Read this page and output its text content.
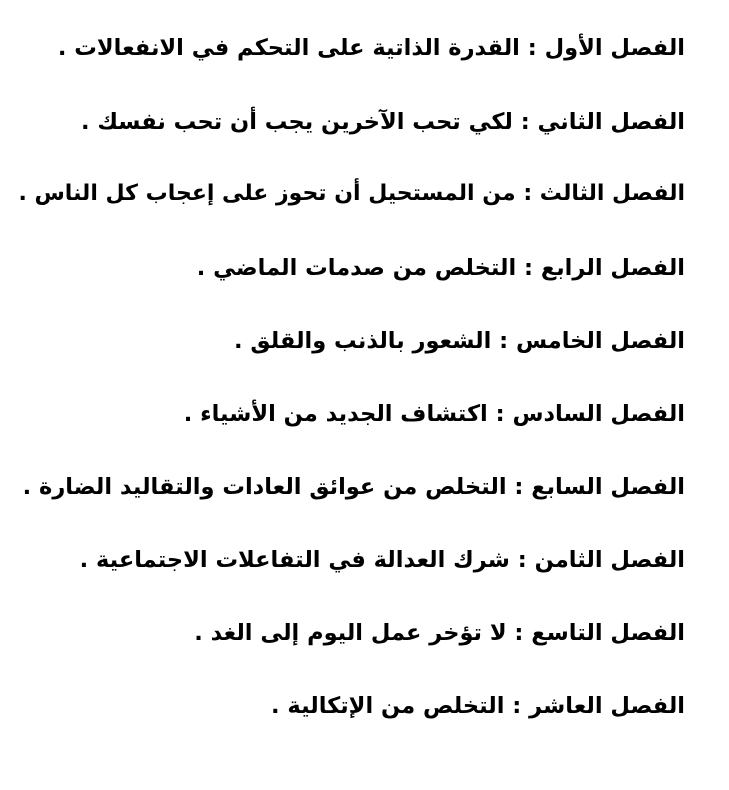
الفصل الأول : القدرة الذاتية على التحكم في الانفعالات .
الفصل الثاني : لكي تحب الآخرين يجب أن تحب نفسك .
الفصل الثالث : من المستحيل أن تحوز على إعجاب كل الناس .
الفصل الرابع : التخلص من صدمات الماضي .
الفصل الخامس : الشعور بالذنب والقلق .
الفصل السادس : اكتشاف الجديد من الأشياء .
الفصل السابع : التخلص من عوائق العادات والتقاليد الضارة .
الفصل الثامن : شرك العدالة في التفاعلات الاجتماعية .
الفصل التاسع : لا تؤخر عمل اليوم إلى الغد .
الفصل العاشر : التخلص من الإتكالية .
